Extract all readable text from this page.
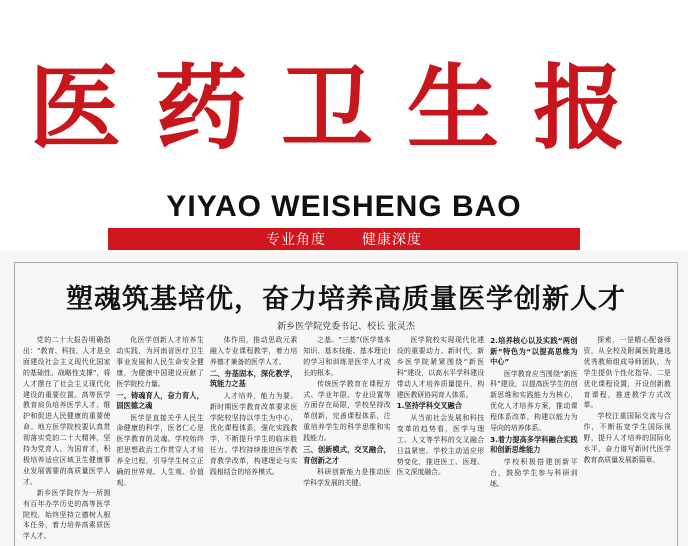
医药卫生报
YIYAO WEISHENG BAO
专业角度	健康深度
塑魂筑基培优，奋力培养高质量医学创新人才
新乡医学院党委书记、校长 张灵杰

党的二十大报告明确指出：“教育、科技、人才是全面建设社会主义现代化国家的基础性、战略性支撑”，将人才摆在了社会主义现代化建设的重要位置。高等医学教育肩负培养医学人才、维护和促进人民健康的重要使命。地方医学院校要认真贯彻落实党的二十大精神，坚持为党育人、为国育才，积极培养适应区域卫生健康事业发展需要的高质量医学人才。

新乡医学院作为一所拥有百年办学历史的高等医学院校，始终坚持立德树人根本任务，着力培养高素质医学人才。

化医学创新人才培养生动实践，为河南省医疗卫生事业发展和人民生命安全健康，为健康中国建设贡献了医学院校力量。

一、铸魂育人，奋力育人，固医德之魂

医学是直接关乎人民生命健康的科学，医者仁心是医学教育的灵魂。学校始终把思想政治工作贯穿人才培养全过程，引导学生树立正确的世界观、人生观、价值观。

体作用，推动思政元素融入专业课程教学，着力培养德才兼备的医学人才。

二、夯基固本，深化教学，筑能力之基

人才培养，能力为要。新时期医学教育改革要求医学院校坚持以学生为中心，优化课程体系，强化实践教学，不断提升学生的临床胜任力。学校持续推进医学教育教学改革，构建理论与实践相结合的培养模式。

之基。“三基”(医学基本知识、基本技能、基本理论)的学习和训练是医学人才成长的根本。

传统医学教育在课程方式、学业年限、专业设置等方面存在局限，学校坚持改革创新，完善课程体系，注重培养学生的科学思维和实践能力。

三、创新模式，交叉融合，育创新之才

科研创新能力是推动医学科学发展的关键。

医学院校实现现代化建设的重要动力。新时代，新乡医学院紧紧围绕“新医科”建设，以高水平学科建设带动人才培养质量提升，构建医教研协同育人体系。

1.坚持学科交叉融合

从当前社会发展和科技变革的趋势看，医学与理工、人文等学科的交叉融合日益紧密。学校主动适应形势变化，推进医工、医理、医文深度融合。

2.培养核心以及实践“两创新”特色为“以提高思维为中心”

医学教育应当围绕“新医科”建设，以提高医学生的创新思维和实践能力为核心，优化人才培养方案，推动课程体系改革，构建以能力为导向的培养体系。

3.着力提高多学科融合实践和创新思维能力

学校积极搭建创新平台，鼓励学生参与科研训练。

探索，一是精心配备师资，从全校及附属医院遴选优秀教师组成导师团队，为学生提供个性化指导。二是优化课程设置，开设创新教育课程，推进教学方式改革。

学校注重国际交流与合作，不断拓宽学生国际视野，提升人才培养的国际化水平，奋力谱写新时代医学教育高质量发展新篇章。
